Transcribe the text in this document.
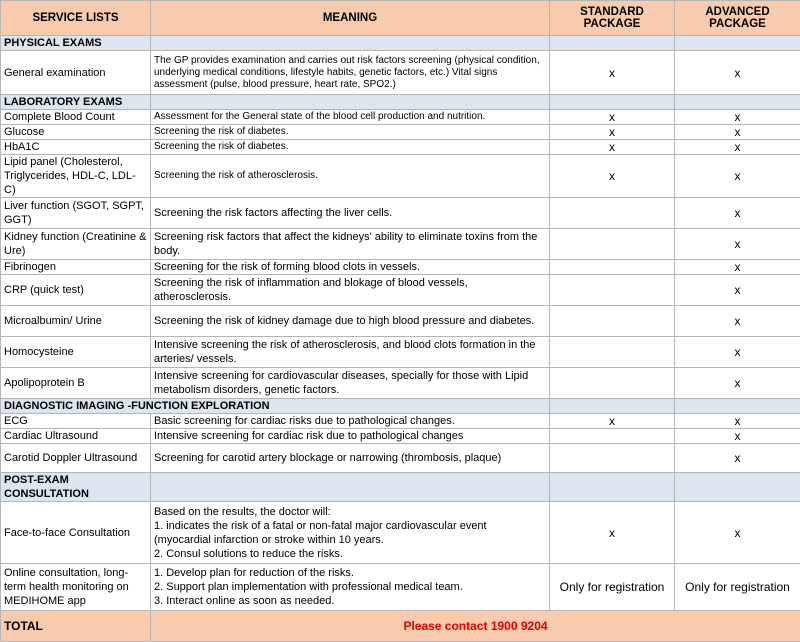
SERVICE LISTS	MEANING	STANDARD PACKAGE	ADVANCED PACKAGE
PHYSICAL EXAMS			
General examination	The GP provides examination and carries out risk factors screening (physical condition, underlying medical conditions, lifestyle habits, genetic factors, etc.) Vital signs assessment (pulse, blood pressure, heart rate, SPO2.)	x	x
LABORATORY EXAMS			
Complete Blood Count	Assessment for the General state of the blood cell production and nutrition.	x	x
Glucose	Screening the risk of diabetes.	x	x
HbA1C	Screening the risk of diabetes.	x	x
Lipid panel (Cholesterol, Triglycerides, HDL-C, LDL-C)	Screening the risk of atherosclerosis.	x	x
Liver function (SGOT, SGPT, GGT)	Screening the risk factors affecting the liver cells.		x
Kidney function (Creatinine & Ure)	Screening risk factors that affect the kidneys' ability to eliminate toxins from the body.		x
Fibrinogen	Screening for the risk of forming blood clots in vessels.		x
CRP (quick test)	Screening the risk of inflammation and blokage of blood vessels, atherosclerosis.		x
Microalbumin/ Urine	Screening the risk of kidney damage due to high blood pressure and diabetes.		x
Homocysteine	Intensive screening the risk of atherosclerosis, and blood clots formation in the arteries/ vessels.		x
Apolipoprotein B	Intensive screening for cardiovascular diseases, specially for those with Lipid metabolism disorders, genetic factors.		x
DIAGNOSTIC IMAGING -FUNCTION EXPLORATION			
ECG	Basic screening for cardiac risks due to pathological changes.	x	x
Cardiac Ultrasound	Intensive screening for cardiac risk due to pathological changes		x
Carotid Doppler Ultrasound	Screening for carotid artery blockage or narrowing (thrombosis, plaque)		x
POST-EXAM CONSULTATION			
Face-to-face Consultation	Based on the results, the doctor will:
1. indicates the risk of a fatal or non-fatal major cardiovascular event (myocardial infarction or stroke within 10 years.
2. Consul solutions to reduce the risks.	x	x
Online consultation, long-term health monitoring on MEDIHOME app	1. Develop plan for reduction of the risks.
2. Support plan implementation with professional medical team.
3. Interact online as soon as needed.	Only for registration	Only for registration
TOTAL	Please contact 1900 9204		
